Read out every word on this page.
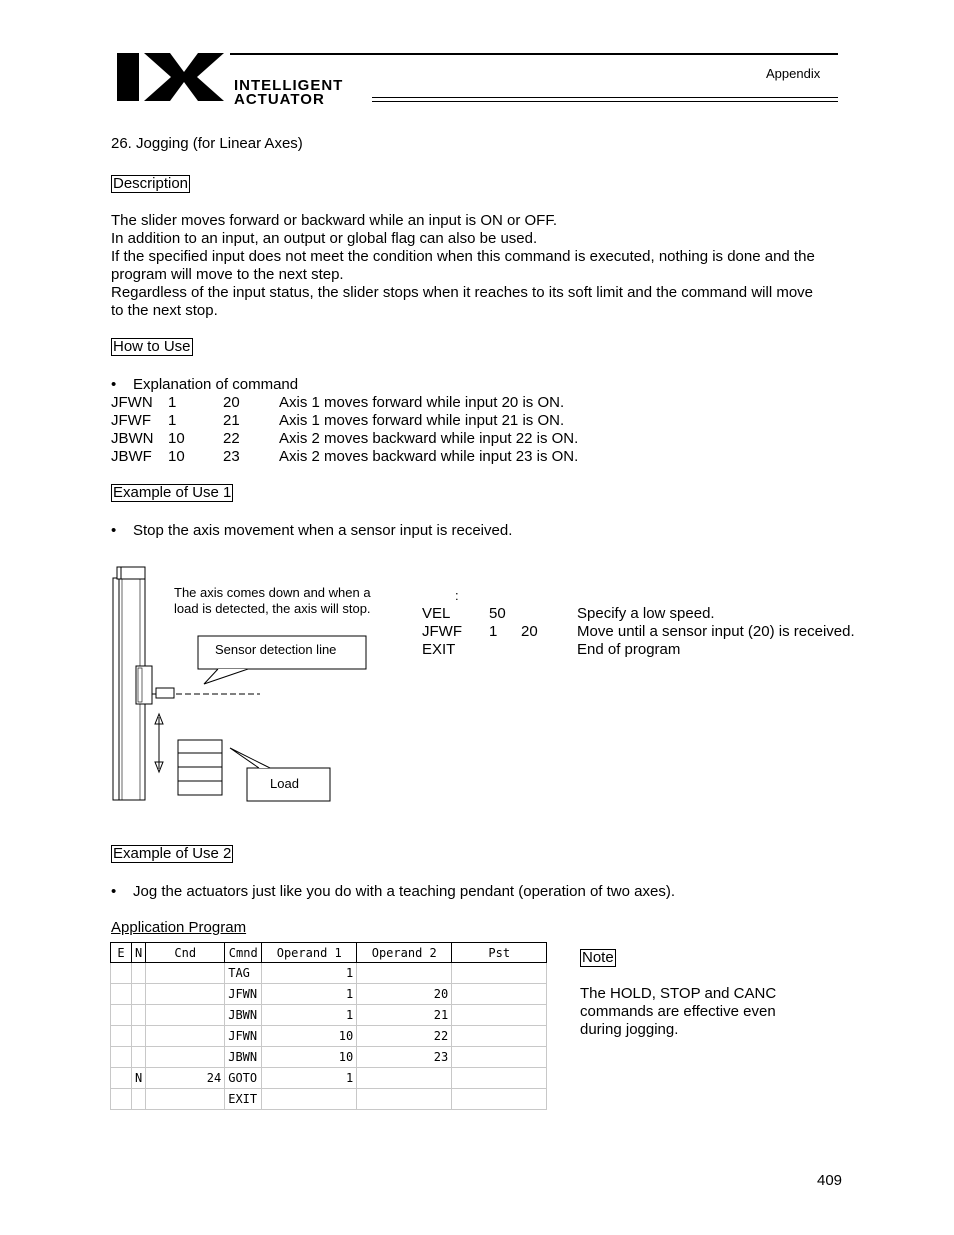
INTELLIGENT
ACTUATOR
Appendix
26. Jogging (for Linear Axes)
Description
The slider moves forward or backward while an input is ON or OFF.
In addition to an input, an output or global flag can also be used.
If the specified input does not meet the condition when this command is executed, nothing is done and the
program will move to the next step.
Regardless of the input status, the slider stops when it reaches to its soft limit and the command will move
to the next stop.
How to Use
• Explanation of command
JFWN 1	20	Axis 1 moves forward while input 20 is ON.
JFWF 1	21	Axis 1 moves forward while input 21 is ON.
JBWN 10	22	Axis 2 moves backward while input 22 is ON.
JBWF 10	23	Axis 2 moves backward while input 23 is ON.
Example of Use 1
• Stop the axis movement when a sensor input is received.
The axis comes down and when a
load is detected, the axis will stop.
Sensor detection line
Load
:
VEL	50	Specify a low speed.
JFWF 1 20	Move until a sensor input (20) is received.
EXIT	End of program
Example of Use 2
• Jog the actuators just like you do with a teaching pendant (operation of two axes).
Application Program
E	N	Cnd	Cmnd	Operand 1	Operand 2	Pst
			TAG	1		
			JFWN	1	20	
			JBWN	1	21	
			JFWN	10	22	
			JBWN	10	23	
	N	24	GOTO	1		
			EXIT			
Note
The HOLD, STOP and CANC
commands are effective even
during jogging.
409
